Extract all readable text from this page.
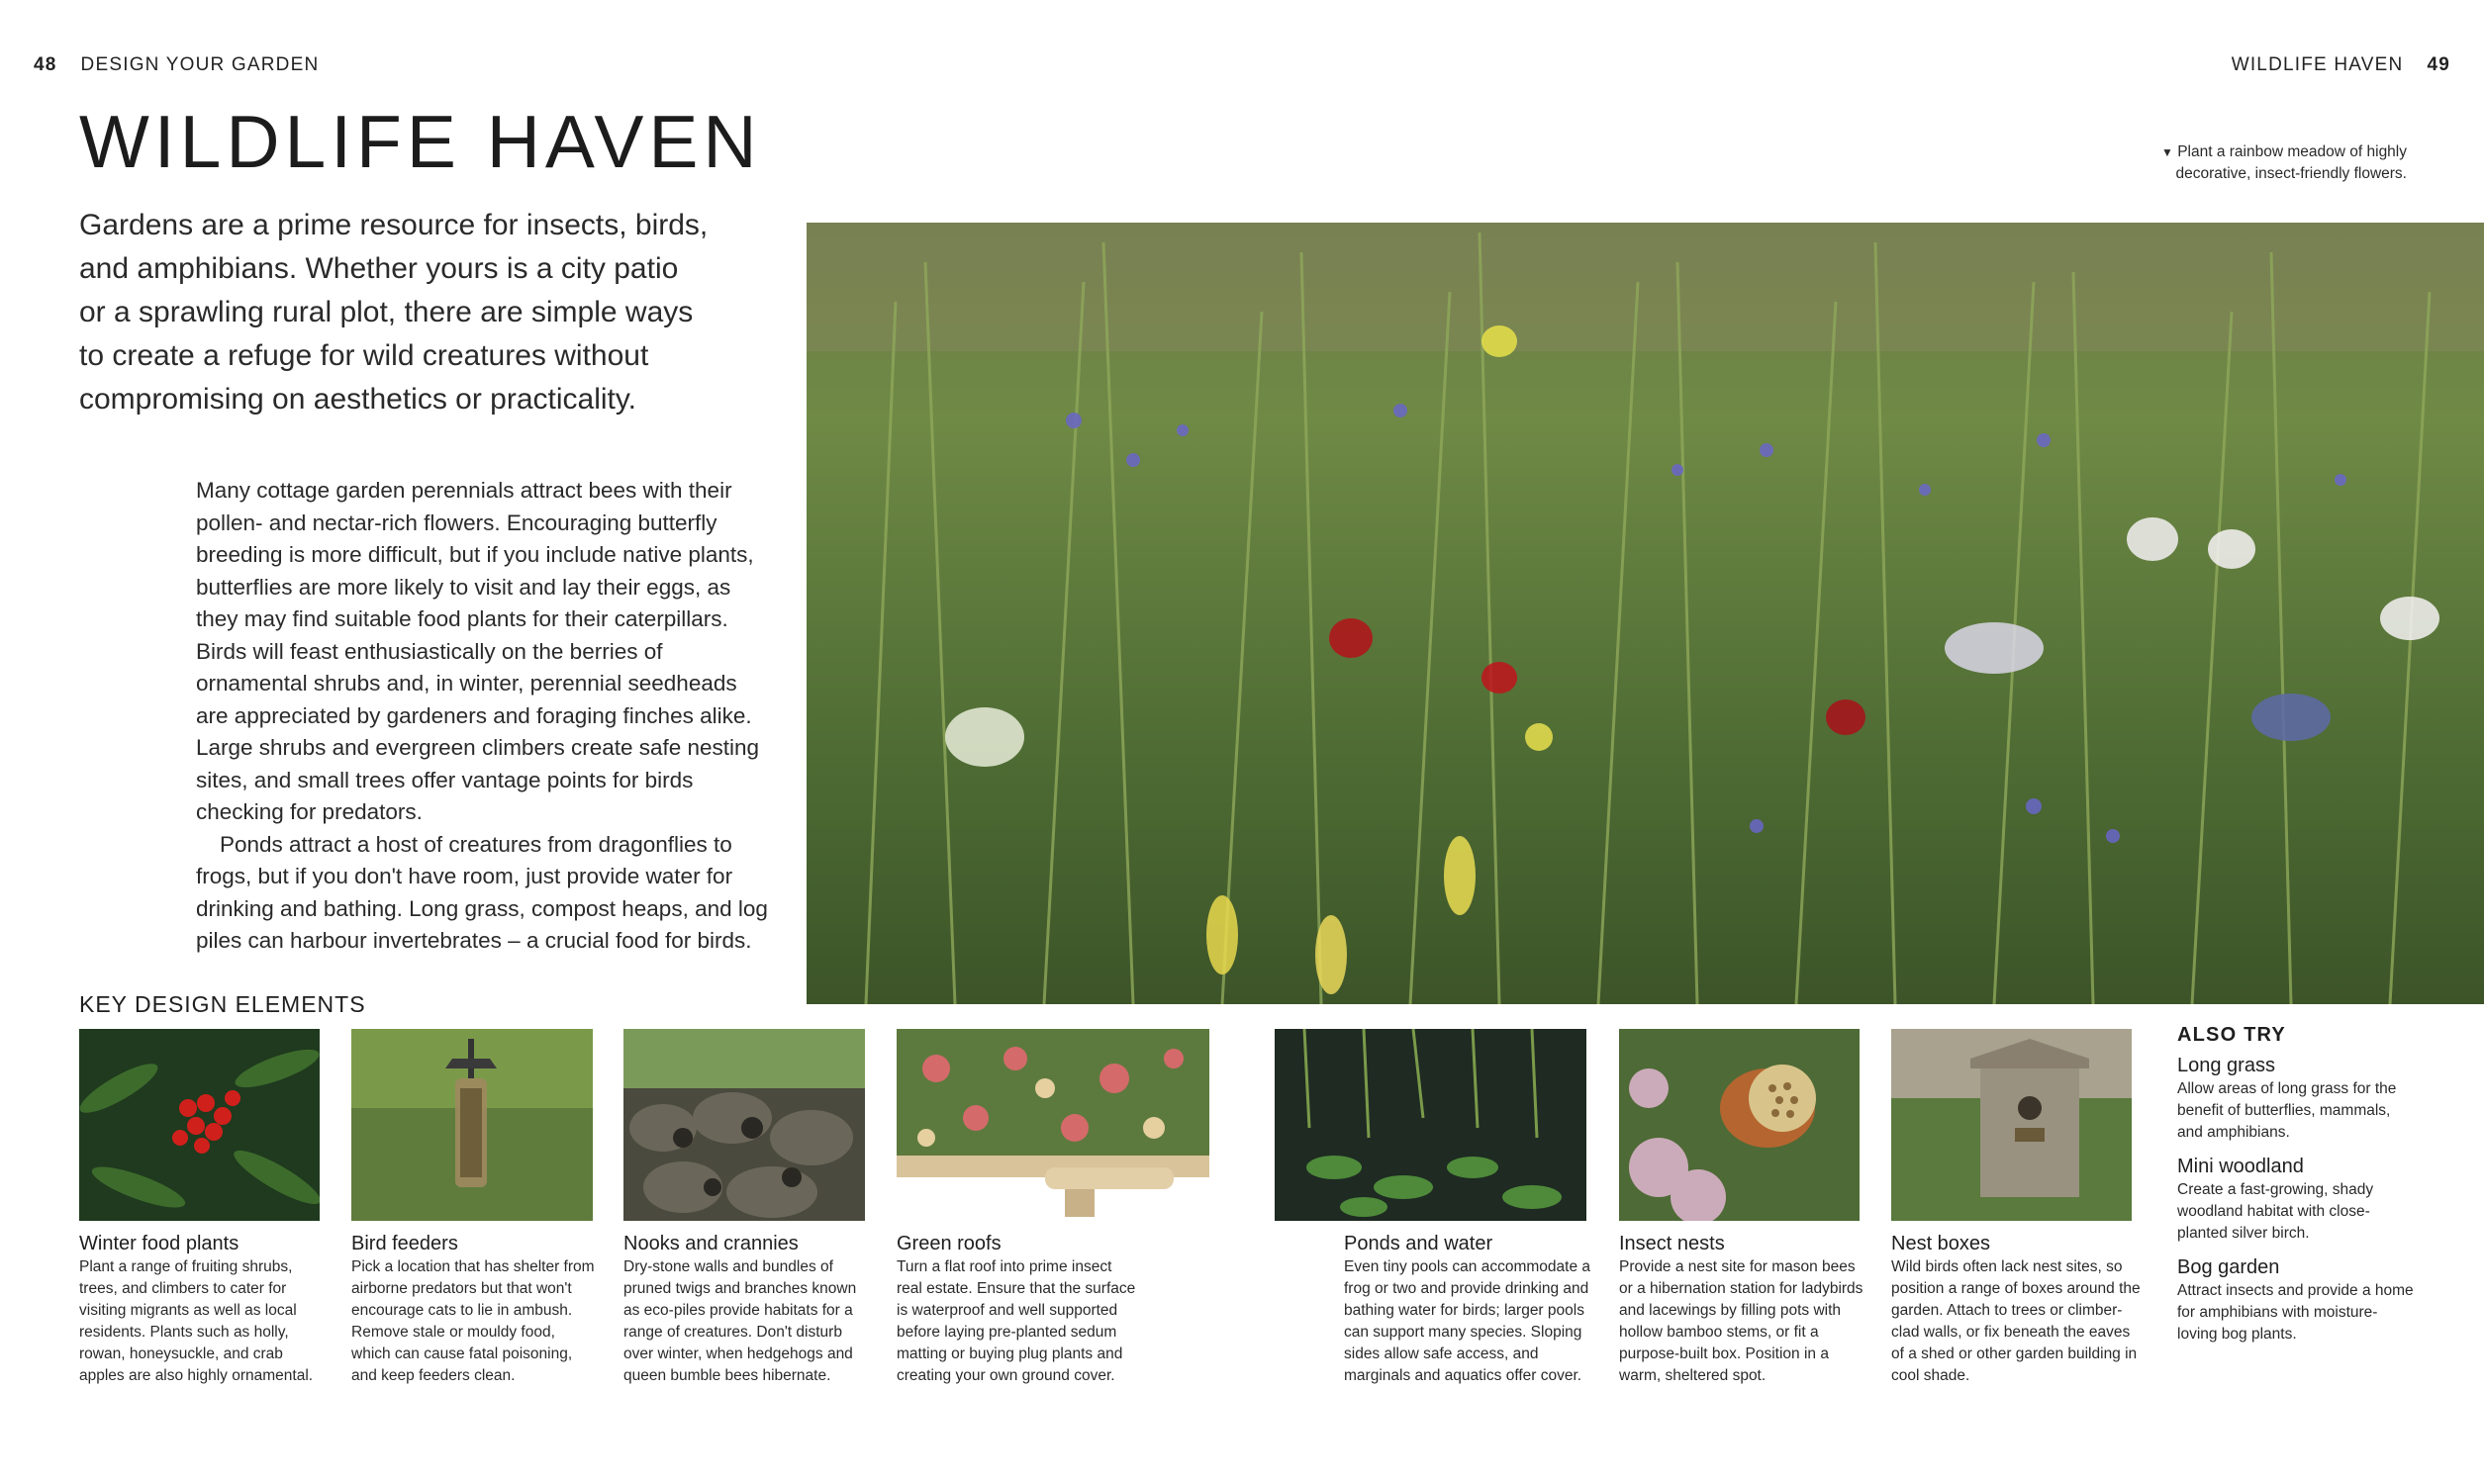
48 DESIGN YOUR GARDEN	WILDLIFE HAVEN 49
WILDLIFE HAVEN
Gardens are a prime resource for insects, birds, and amphibians. Whether yours is a city patio or a sprawling rural plot, there are simple ways to create a refuge for wild creatures without compromising on aesthetics or practicality.

Many cottage garden perennials attract bees with their pollen- and nectar-rich flowers. Encouraging butterfly breeding is more difficult, but if you include native plants, butterflies are more likely to visit and lay their eggs, as they may find suitable food plants for their caterpillars. Birds will feast enthusiastically on the berries of ornamental shrubs and, in winter, perennial seedheads are appreciated by gardeners and foraging finches alike. Large shrubs and evergreen climbers create safe nesting sites, and small trees offer vantage points for birds checking for predators.

Ponds attract a host of creatures from dragonflies to frogs, but if you don't have room, just provide water for drinking and bathing. Long grass, compost heaps, and log piles can harbour invertebrates – a crucial food for birds.

▼ Plant a rainbow meadow of highly decorative, insect-friendly flowers.
KEY DESIGN ELEMENTS
Winter food plants
Plant a range of fruiting shrubs, trees, and climbers to cater for visiting migrants as well as local residents. Plants such as holly, rowan, honeysuckle, and crab apples are also highly ornamental.
Bird feeders
Pick a location that has shelter from airborne predators but that won't encourage cats to lie in ambush. Remove stale or mouldy food, which can cause fatal poisoning, and keep feeders clean.
Nooks and crannies
Dry-stone walls and bundles of pruned twigs and branches known as eco-piles provide habitats for a range of creatures. Don't disturb over winter, when hedgehogs and queen bumble bees hibernate.
Green roofs
Turn a flat roof into prime insect real estate. Ensure that the surface is waterproof and well supported before laying pre-planted sedum matting or buying plug plants and creating your own ground cover.
Ponds and water
Even tiny pools can accommodate a frog or two and provide drinking and bathing water for birds; larger pools can support many species. Sloping sides allow safe access, and marginals and aquatics offer cover.
Insect nests
Provide a nest site for mason bees or a hibernation station for ladybirds and lacewings by filling pots with hollow bamboo stems, or fit a purpose-built box. Position in a warm, sheltered spot.
Nest boxes
Wild birds often lack nest sites, so position a range of boxes around the garden. Attach to trees or climber-clad walls, or fix beneath the eaves of a shed or other garden building in cool shade.
ALSO TRY
Long grass
Allow areas of long grass for the benefit of butterflies, mammals, and amphibians.
Mini woodland
Create a fast-growing, shady woodland habitat with close-planted silver birch.
Bog garden
Attract insects and provide a home for amphibians with moisture-loving bog plants.
